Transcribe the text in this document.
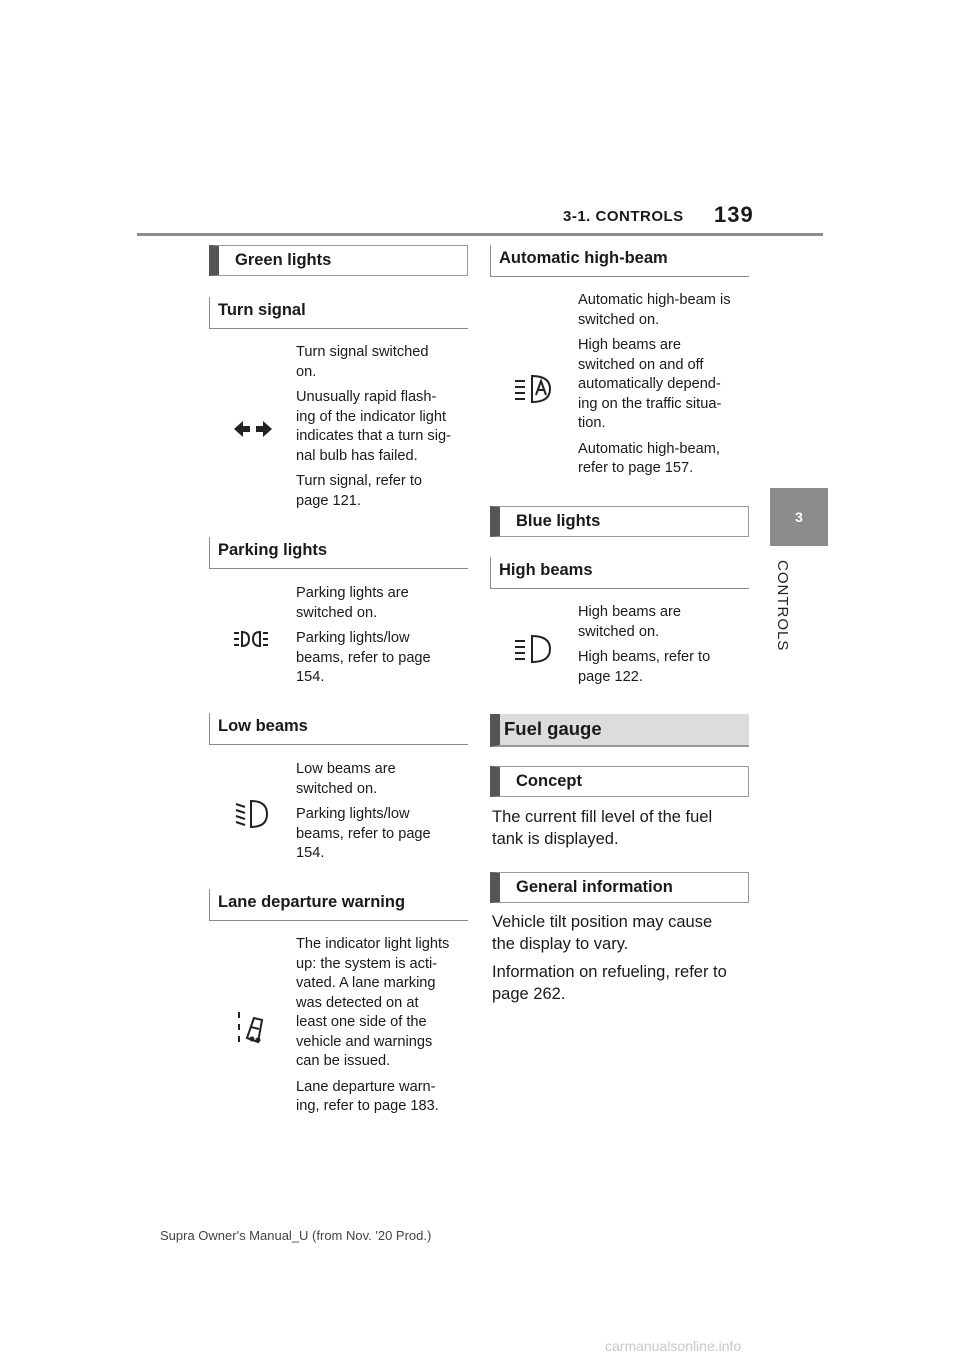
3-1. CONTROLS 139
3
CONTROLS
Green lights
Turn signal

Turn signal switched
on.

Unusually rapid flash-
ing of the indicator light
indicates that a turn sig-
nal bulb has failed.

Turn signal, refer to
page 121.

Parking lights

Parking lights are
switched on.

Parking lights/low
beams, refer to page
154.

Low beams

Low beams are
switched on.

Parking lights/low
beams, refer to page
154.

Lane departure warning

The indicator light lights
up: the system is acti-
vated. A lane marking
was detected on at
least one side of the
vehicle and warnings
can be issued.

Lane departure warn-
ing, refer to page 183.

Automatic high-beam

Automatic high-beam is
switched on.

High beams are
switched on and off
automatically depend-
ing on the traffic situa-
tion.

Automatic high-beam,
refer to page 157.

Blue lights
High beams

High beams are
switched on.

High beams, refer to
page 122.

Fuel gauge
Concept

The current fill level of the fuel
tank is displayed.

General information

Vehicle tilt position may cause
the display to vary.

Information on refueling, refer to
page 262.

Supra Owner's Manual_U (from Nov. '20 Prod.)
carmanualsonline.info
